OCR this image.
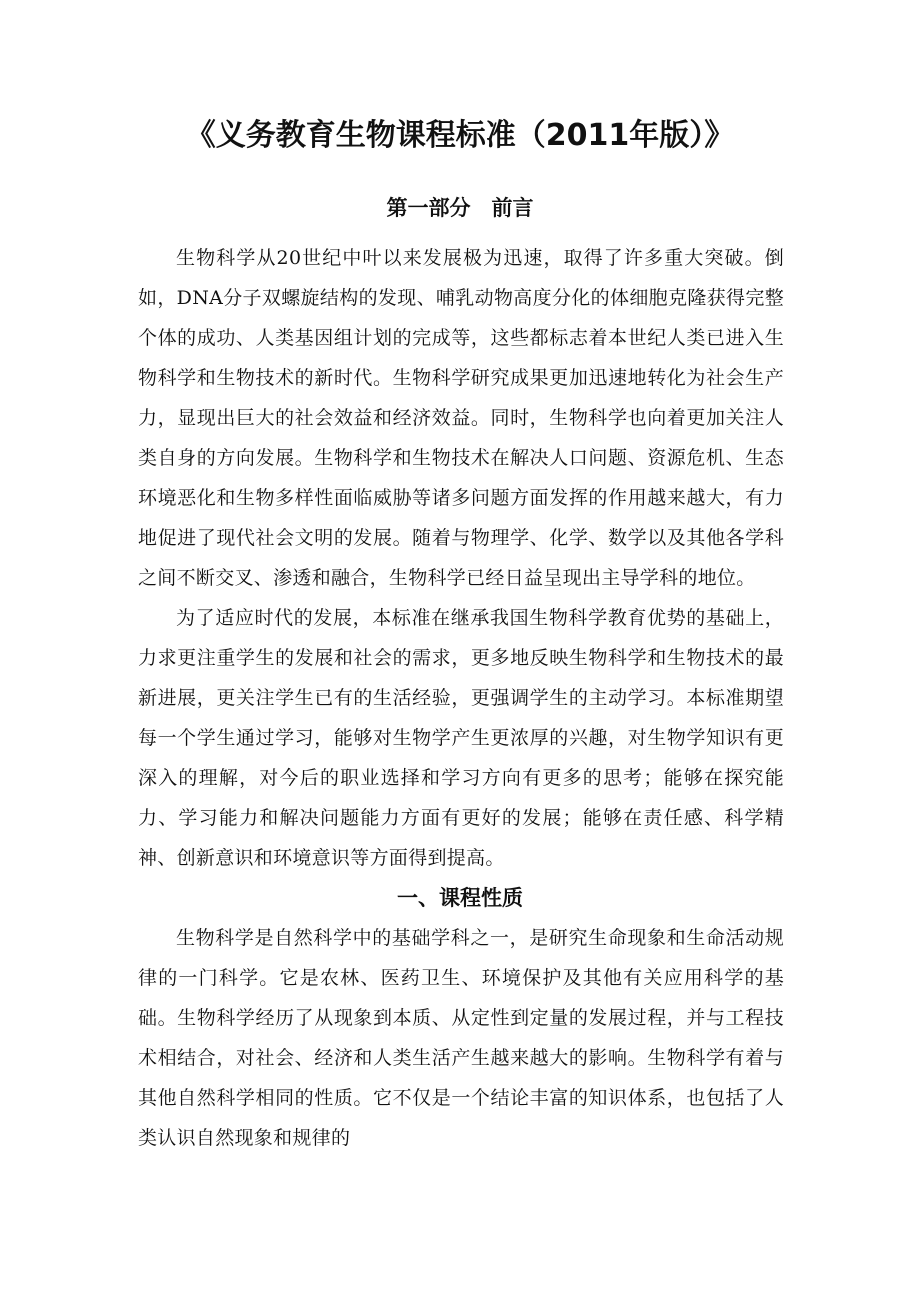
《义务教育生物课程标准（2011年版）》
第一部分　前言

生物科学从20世纪中叶以来发展极为迅速，取得了许多重大突破。倒如，DNA分子双螺旋结构的发现、哺乳动物高度分化的体细胞克隆获得完整个体的成功、人类基因组计划的完成等，这些都标志着本世纪人类已进入生物科学和生物技术的新时代。生物科学研究成果更加迅速地转化为社会生产力，显现出巨大的社会效益和经济效益。同时，生物科学也向着更加关注人类自身的方向发展。生物科学和生物技术在解决人口问题、资源危机、生态环境恶化和生物多样性面临威胁等诸多问题方面发挥的作用越来越大，有力地促进了现代社会文明的发展。随着与物理学、化学、数学以及其他各学科之间不断交叉、渗透和融合，生物科学已经日益呈现出主导学科的地位。

为了适应时代的发展，本标准在继承我国生物科学教育优势的基础上，力求更注重学生的发展和社会的需求，更多地反映生物科学和生物技术的最新进展，更关注学生已有的生活经验，更强调学生的主动学习。本标准期望每一个学生通过学习，能够对生物学产生更浓厚的兴趣，对生物学知识有更深入的理解，对今后的职业选择和学习方向有更多的思考；能够在探究能力、学习能力和解决问题能力方面有更好的发展；能够在责任感、科学精神、创新意识和环境意识等方面得到提高。

一、课程性质

生物科学是自然科学中的基础学科之一，是研究生命现象和生命活动规律的一门科学。它是农林、医药卫生、环境保护及其他有关应用科学的基础。生物科学经历了从现象到本质、从定性到定量的发展过程，并与工程技术相结合，对社会、经济和人类生活产生越来越大的影响。生物科学有着与其他自然科学相同的性质。它不仅是一个结论丰富的知识体系，也包括了人类认识自然现象和规律的
